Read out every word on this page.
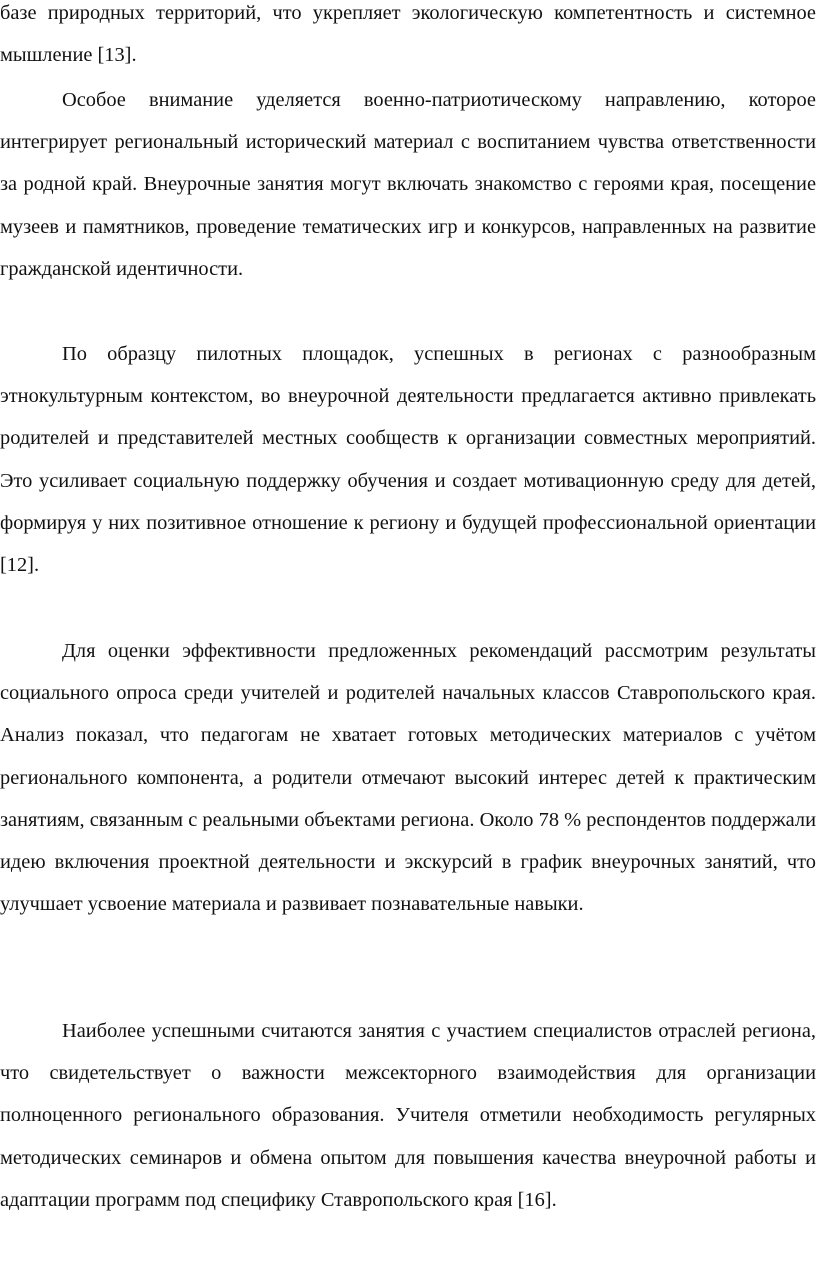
базе природных территорий, что укрепляет экологическую компетентность и системное мышление [13].

Особое внимание уделяется военно-патриотическому направлению, которое интегрирует региональный исторический материал с воспитанием чувства ответственности за родной край. Внеурочные занятия могут включать знакомство с героями края, посещение музеев и памятников, проведение тематических игр и конкурсов, направленных на развитие гражданской идентичности.

По образцу пилотных площадок, успешных в регионах с разнообразным этнокультурным контекстом, во внеурочной деятельности предлагается активно привлекать родителей и представителей местных сообществ к организации совместных мероприятий. Это усиливает социальную поддержку обучения и создает мотивационную среду для детей, формируя у них позитивное отношение к региону и будущей профессиональной ориентации [12].

Для оценки эффективности предложенных рекомендаций рассмотрим результаты социального опроса среди учителей и родителей начальных классов Ставропольского края. Анализ показал, что педагогам не хватает готовых методических материалов с учётом регионального компонента, а родители отмечают высокий интерес детей к практическим занятиям, связанным с реальными объектами региона. Около 78 % респондентов поддержали идею включения проектной деятельности и экскурсий в график внеурочных занятий, что улучшает усвоение материала и развивает познавательные навыки.

Наиболее успешными считаются занятия с участием специалистов отраслей региона, что свидетельствует о важности межсекторного взаимодействия для организации полноценного регионального образования. Учителя отметили необходимость регулярных методических семинаров и обмена опытом для повышения качества внеурочной работы и адаптации программ под специфику Ставропольского края [16].
